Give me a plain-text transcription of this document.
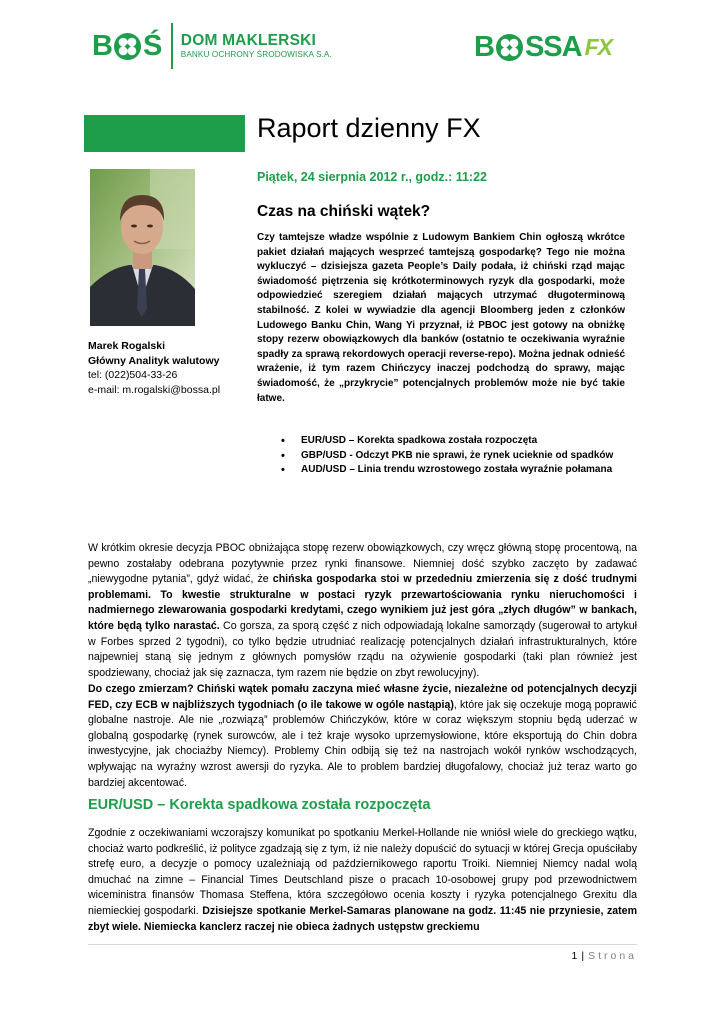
B Ś DOM MAKLERSKI
BANKU OCHRONY ŚRODOWISKA S.A.	B SSA FX
Raport dzienny FX
Piątek, 24 sierpnia 2012 r., godz.: 11:22
Czas na chiński wątek?
Marek Rogalski
Główny Analityk walutowy
tel: (022)504-33-26
e-mail: m.rogalski@bossa.pl

Czy tamtejsze władze wspólnie z Ludowym Bankiem Chin ogłoszą wkrótce pakiet działań mających wesprzeć tamtejszą gospodarkę? Tego nie można wykluczyć – dzisiejsza gazeta People’s Daily podała, iż chiński rząd mając świadomość piętrzenia się krótkoterminowych ryzyk dla gospodarki, może odpowiedzieć szeregiem działań mających utrzymać długoterminową stabilność. Z kolei w wywiadzie dla agencji Bloomberg jeden z członków Ludowego Banku Chin, Wang Yi przyznał, iż PBOC jest gotowy na obniżkę stopy rezerw obowiązkowych dla banków (ostatnio te oczekiwania wyraźnie spadły za sprawą rekordowych operacji reverse-repo). Można jednak odnieść wrażenie, iż tym razem Chińczycy inaczej podchodzą do sprawy, mając świadomość, że „przykrycie” potencjalnych problemów może nie być takie łatwe.

• EUR/USD – Korekta spadkowa została rozpoczęta
• GBP/USD - Odczyt PKB nie sprawi, że rynek ucieknie od spadków
• AUD/USD – Linia trendu wzrostowego została wyraźnie połamana

W krótkim okresie decyzja PBOC obniżająca stopę rezerw obowiązkowych, czy wręcz główną stopę procentową, na pewno zostałaby odebrana pozytywnie przez rynki finansowe. Niemniej dość szybko zaczęto by zadawać „niewygodne pytania”, gdyż widać, że chińska gospodarka stoi w przededniu zmierzenia się z dość trudnymi problemami. To kwestie strukturalne w postaci ryzyk przewartościowania rynku nieruchomości i nadmiernego zlewarowania gospodarki kredytami, czego wynikiem już jest góra „złych długów” w bankach, które będą tylko narastać. Co gorsza, za sporą część z nich odpowiadają lokalne samorządy (sugerował to artykuł w Forbes sprzed 2 tygodni), co tylko będzie utrudniać realizację potencjalnych działań infrastrukturalnych, które najpewniej staną się jednym z głównych pomysłów rządu na ożywienie gospodarki (taki plan również jest spodziewany, chociaż jak się zaznacza, tym razem nie będzie on zbyt rewolucyjny).

Do czego zmierzam? Chiński wątek pomału zaczyna mieć własne życie, niezależne od potencjalnych decyzji FED, czy ECB w najbliższych tygodniach (o ile takowe w ogóle nastąpią), które jak się oczekuje mogą poprawić globalne nastroje. Ale nie „rozwiązą” problemów Chińczyków, które w coraz większym stopniu będą uderzać w globalną gospodarkę (rynek surowców, ale i też kraje wysoko uprzemysłowione, które eksportują do Chin dobra inwestycyjne, jak chociażby Niemcy). Problemy Chin odbiją się też na nastrojach wokół rynków wschodzących, wpływając na wyraźny wzrost awersji do ryzyka. Ale to problem bardziej długofalowy, chociaż już teraz warto go bardziej akcentować.

EUR/USD – Korekta spadkowa została rozpoczęta

Zgodnie z oczekiwaniami wczorajszy komunikat po spotkaniu Merkel-Hollande nie wniósł wiele do greckiego wątku, chociaż warto podkreślić, iż polityce zgadzają się z tym, iż nie należy dopuścić do sytuacji w której Grecja opuściłaby strefę euro, a decyzje o pomocy uzależniają od październikowego raportu Troiki. Niemniej Niemcy nadal wolą dmuchać na zimne – Financial Times Deutschland pisze o pracach 10-osobowej grupy pod przewodnictwem wiceministra finansów Thomasa Steffena, która szczegółowo ocenia koszty i ryzyka potencjalnego Grexitu dla niemieckiej gospodarki. Dzisiejsze spotkanie Merkel-Samaras planowane na godz. 11:45 nie przyniesie, zatem zbyt wiele. Niemiecka kanclerz raczej nie obiecа żadnych ustępstw greckiemu

1 | Strona
